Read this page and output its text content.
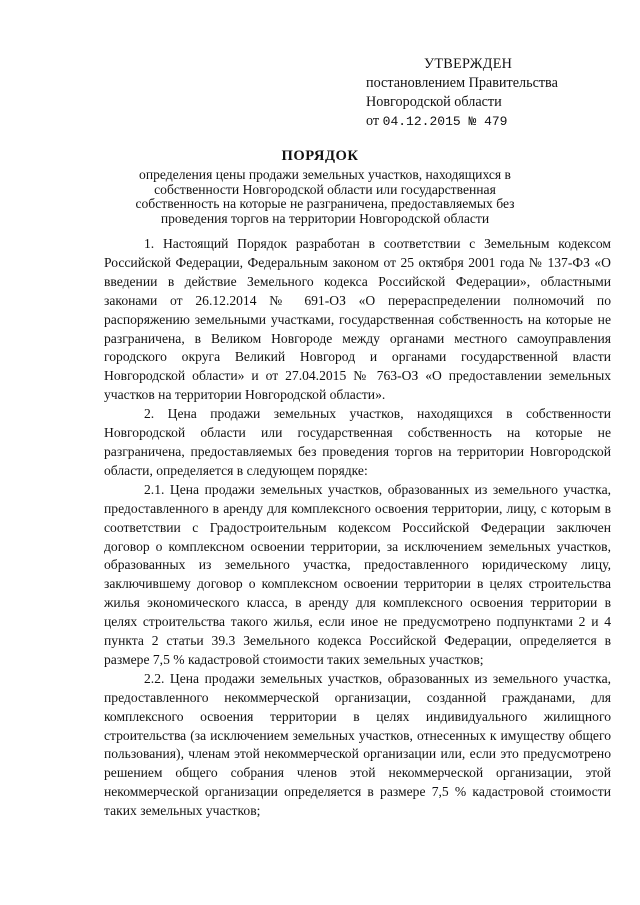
УТВЕРЖДЕН
постановлением Правительства
Новгородской области
от 04.12.2015 № 479
ПОРЯДОК
определения цены продажи земельных участков, находящихся в собственности Новгородской области или государственная собственность на которые не разграничена, предоставляемых без проведения торгов на территории Новгородской области

1. Настоящий Порядок разработан в соответствии с Земельным кодексом Российской Федерации, Федеральным законом от 25 октября 2001 года № 137-ФЗ «О введении в действие Земельного кодекса Российской Федерации», областными законами от 26.12.2014 № 691-ОЗ «О перераспределении полномочий по распоряжению земельными участками, государственная собственность на которые не разграничена, в Великом Новгороде между органами местного самоуправления городского округа Великий Новгород и органами государственной власти Новгородской области» и от 27.04.2015 № 763-ОЗ «О предоставлении земельных участков на территории Новгородской области».

2. Цена продажи земельных участков, находящихся в собственности Новгородской области или государственная собственность на которые не разграничена, предоставляемых без проведения торгов на территории Новгородской области, определяется в следующем порядке:

2.1. Цена продажи земельных участков, образованных из земельного участка, предоставленного в аренду для комплексного освоения территории, лицу, с которым в соответствии с Градостроительным кодексом Российской Федерации заключен договор о комплексном освоении территории, за исключением земельных участков, образованных из земельного участка, предоставленного юридическому лицу, заключившему договор о комплексном освоении территории в целях строительства жилья экономического класса, в аренду для комплексного освоения территории в целях строительства такого жилья, если иное не предусмотрено подпунктами 2 и 4 пункта 2 статьи 39.3 Земельного кодекса Российской Федерации, определяется в размере 7,5 % кадастровой стоимости таких земельных участков;

2.2. Цена продажи земельных участков, образованных из земельного участка, предоставленного некоммерческой организации, созданной гражданами, для комплексного освоения территории в целях индивидуального жилищного строительства (за исключением земельных участков, отнесенных к имуществу общего пользования), членам этой некоммерческой организации или, если это предусмотрено решением общего собрания членов этой некоммерческой организации, этой некоммерческой организации определяется в размере 7,5 % кадастровой стоимости таких земельных участков;
